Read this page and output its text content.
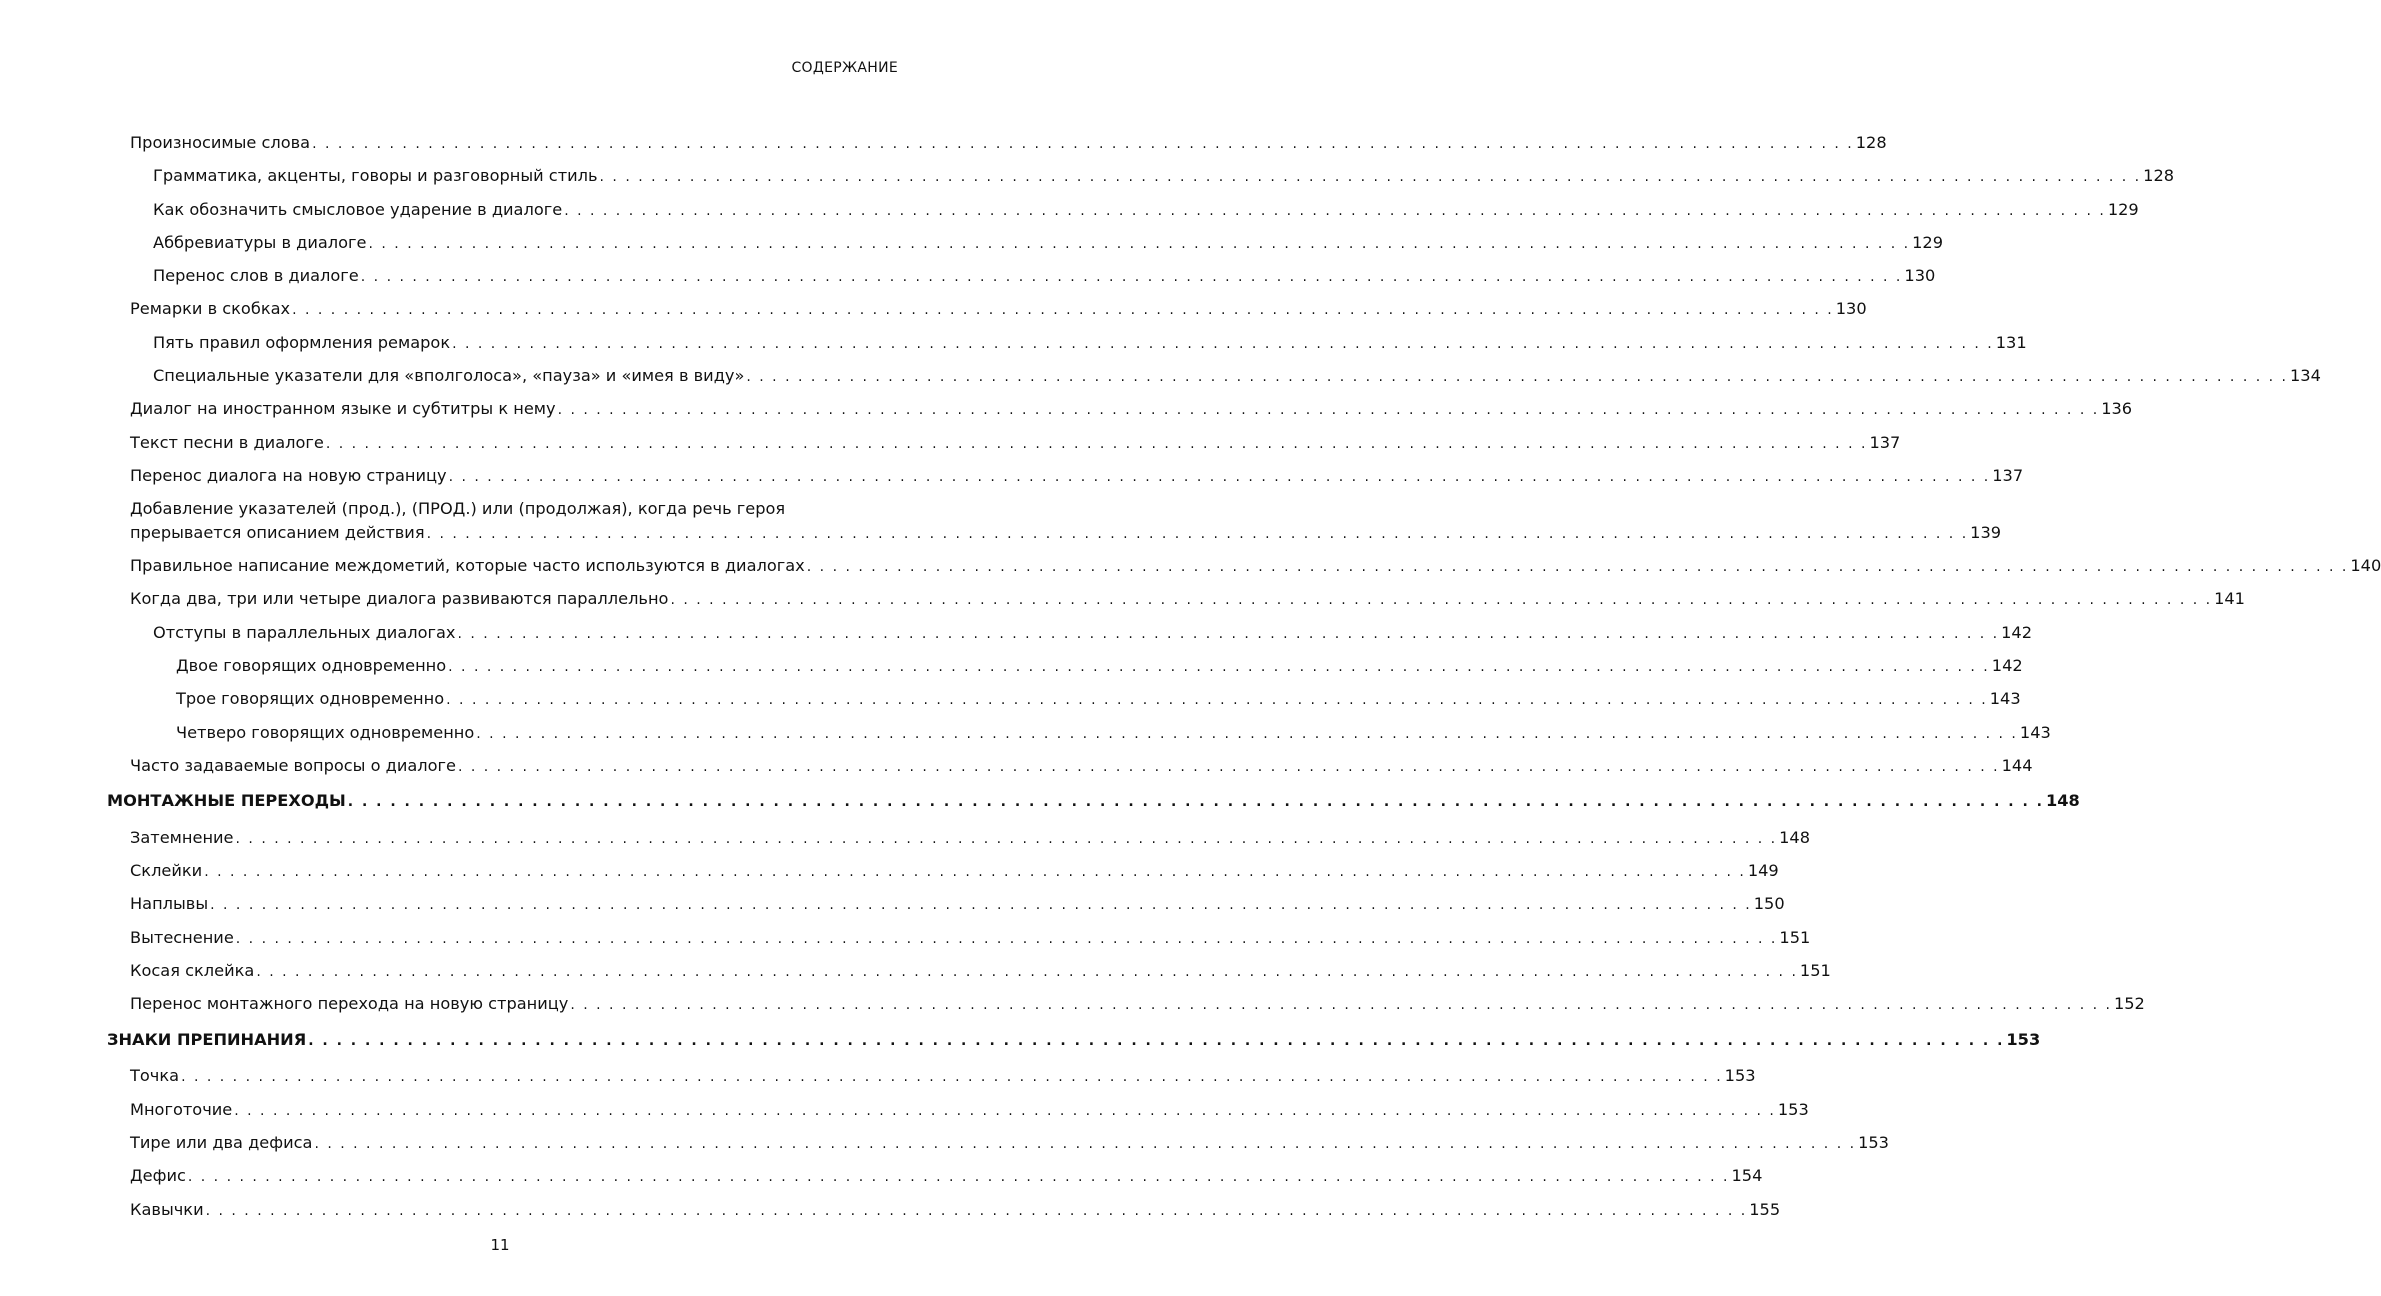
СОДЕРЖАНИЕ
Произносимые слова . . .	128
Грамматика, акценты, говоры и разговорный стиль . . .	128
Как обозначить смысловое ударение в диалоге . . .	129
Аббревиатуры в диалоге . . .	129
Перенос слов в диалоге . . .	130
Ремарки в скобках . . .	130
Пять правил оформления ремарок . . .	131
Специальные указатели для «вполголоса», «пауза» и «имея в виду» . . .	134
Диалог на иностранном языке и субтитры к нему . . .	136
Текст песни в диалоге . . .	137
Перенос диалога на новую страницу . . .	137
Добавление указателей (прод.), (ПРОД.) или (продолжая), когда речь героя
прерывается описанием действия . . .	139
Правильное написание междометий, которые часто используются в диалогах . . .	140
Когда два, три или четыре диалога развиваются параллельно . . .	141
Отступы в параллельных диалогах . . .	142
Двое говорящих одновременно . . .	142
Трое говорящих одновременно . . .	143
Четверо говорящих одновременно . . .	143
Часто задаваемые вопросы о диалоге . . .	144
МОНТАЖНЫЕ ПЕРЕХОДЫ . . .	148
Затемнение . . .	148
Склейки . . .	149
Наплывы . . .	150
Вытеснение . . .	151
Косая склейка . . .	151
Перенос монтажного перехода на новую страницу . . .	152
ЗНАКИ ПРЕПИНАНИЯ . . .	153
Точка . . .	153
Многоточие . . .	153
Тире или два дефиса . . .	153
Дефис . . .	154
Кавычки . . .	155
11
